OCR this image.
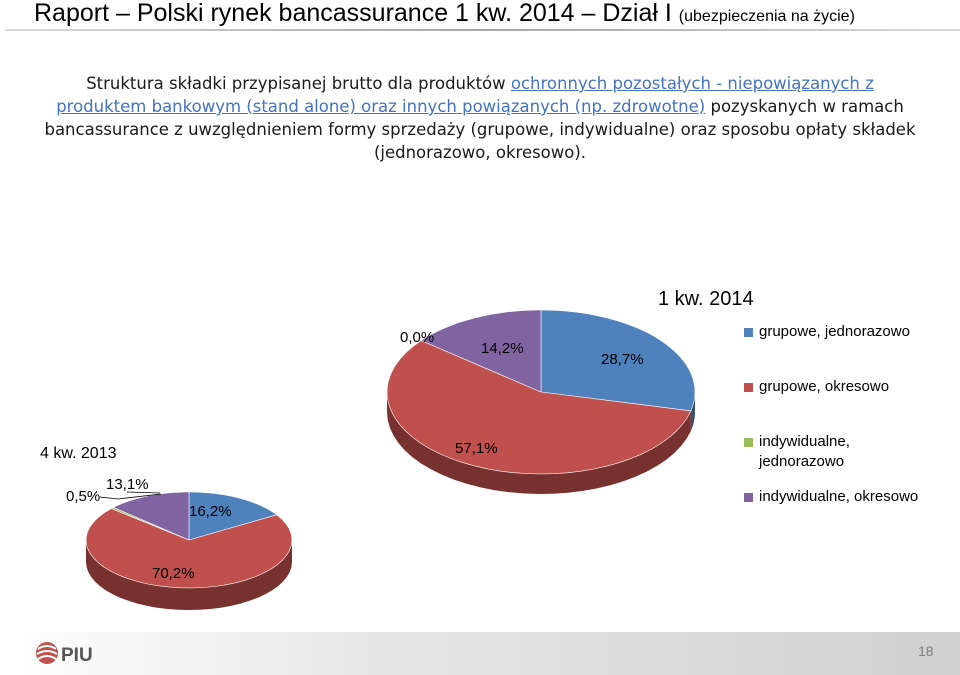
Raport – Polski rynek bancassurance 1 kw. 2014 – Dział I (ubezpieczenia na życie)
Struktura składki przypisanej brutto dla produktów ochronnych pozostałych - niepowiązanych z produktem bankowym (stand alone) oraz innych powiązanych (np. zdrowotne) pozyskanych w ramach bancassurance z uwzględnieniem formy sprzedaży (grupowe, indywidualne) oraz sposobu opłaty składek (jednorazowo, okresowo).
1 kw. 2014
28,7%
57,1%
0,0%
14,2%
4 kw. 2013
16,2%
70,2%
0,5%
13,1%
grupowe, jednorazowo
grupowe, okresowo
indywidualne, jednorazowo
indywidualne, okresowo
PIU	18
